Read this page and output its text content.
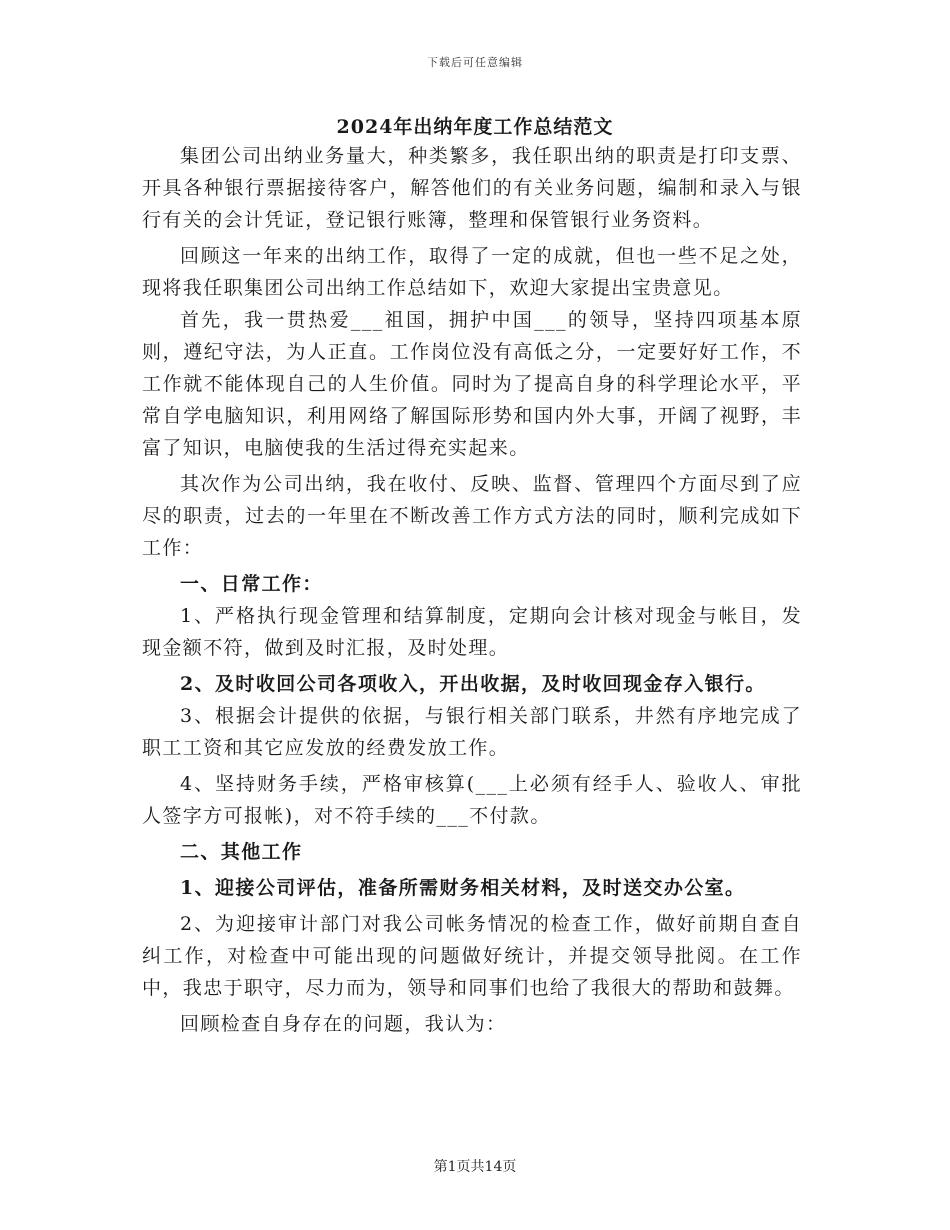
下载后可任意编辑
2024年出纳年度工作总结范文

集团公司出纳业务量大，种类繁多，我任职出纳的职责是打印支票、开具各种银行票据接待客户，解答他们的有关业务问题，编制和录入与银行有关的会计凭证，登记银行账簿，整理和保管银行业务资料。

回顾这一年来的出纳工作，取得了一定的成就，但也一些不足之处，现将我任职集团公司出纳工作总结如下，欢迎大家提出宝贵意见。

首先，我一贯热爱___祖国，拥护中国___的领导，坚持四项基本原则，遵纪守法，为人正直。工作岗位没有高低之分，一定要好好工作，不工作就不能体现自己的人生价值。同时为了提高自身的科学理论水平，平常自学电脑知识，利用网络了解国际形势和国内外大事，开阔了视野，丰富了知识，电脑使我的生活过得充实起来。

其次作为公司出纳，我在收付、反映、监督、管理四个方面尽到了应尽的职责，过去的一年里在不断改善工作方式方法的同时，顺利完成如下工作：

一、日常工作：

1、严格执行现金管理和结算制度，定期向会计核对现金与帐目，发现金额不符，做到及时汇报，及时处理。

2、及时收回公司各项收入，开出收据，及时收回现金存入银行。

3、根据会计提供的依据，与银行相关部门联系，井然有序地完成了职工工资和其它应发放的经费发放工作。

4、坚持财务手续，严格审核算(___上必须有经手人、验收人、审批人签字方可报帐)，对不符手续的___不付款。

二、其他工作

1、迎接公司评估，准备所需财务相关材料，及时送交办公室。

2、为迎接审计部门对我公司帐务情况的检查工作，做好前期自查自纠工作，对检查中可能出现的问题做好统计，并提交领导批阅。在工作中，我忠于职守，尽力而为，领导和同事们也给了我很大的帮助和鼓舞。

回顾检查自身存在的问题，我认为：

第1页共14页
